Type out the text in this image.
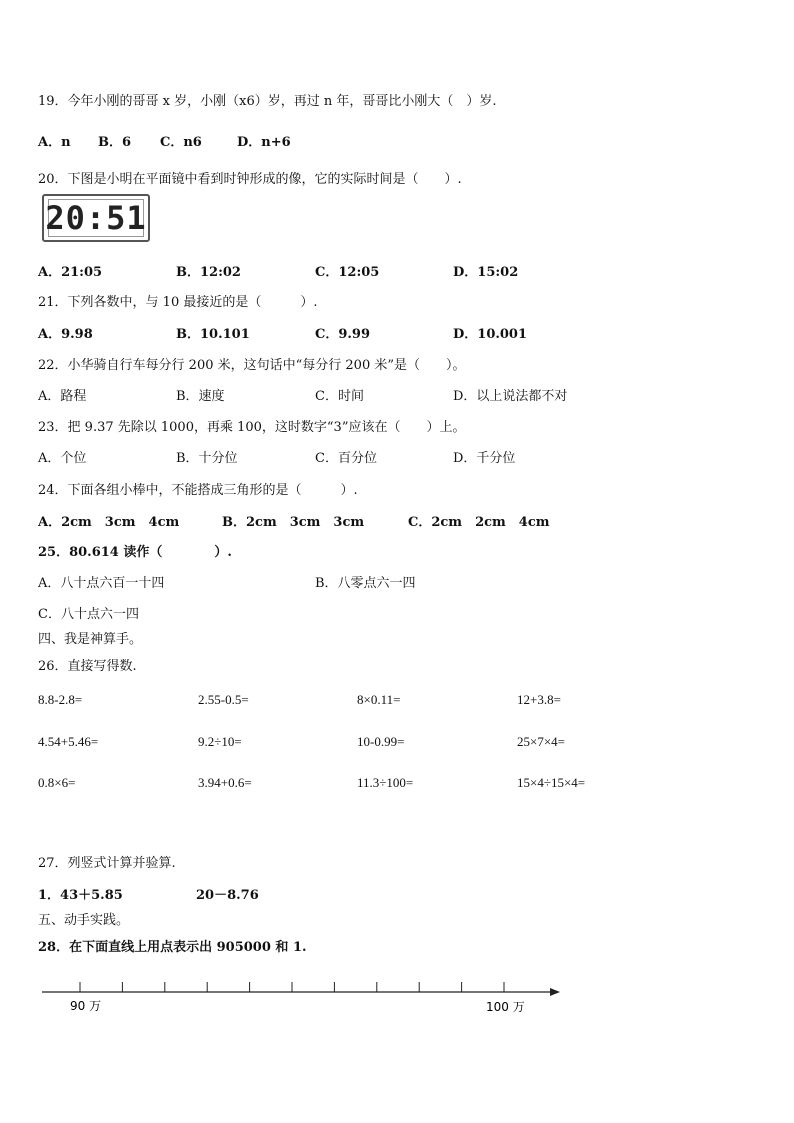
19．今年小刚的哥哥 x 岁，小刚（x6）岁，再过 n 年，哥哥比小刚大（　）岁.
A．n B．6 C．n6	D．n+6
20．下图是小明在平面镜中看到时钟形成的像，它的实际时间是（　　）.
20:51
A．21:05	B．12:02	C．12:05	D．15:02
21．下列各数中，与 10 最接近的是（　　　）.
A．9.98	B．10.101	C．9.99	D．10.001
22．小华骑自行车每分行 200 米，这句话中“每分行 200 米”是（　　）。
A．路程	B．速度	C．时间	D．以上说法都不对
23．把 9.37 先除以 1000，再乘 100，这时数字“3”应该在（　　）上。
A．个位	B．十分位	C．百分位	D．千分位
24．下面各组小棒中，不能搭成三角形的是（　　　）.
A．2cm　3cm　4cm	B．2cm　3cm　3cm	C．2cm　2cm　4cm
25．80.614 读作（　　　　）.
A．八十点六百一十四	B．八零点六一四
C．八十点六一四
四、我是神算手。
26．直接写得数.
8.8-2.8=	2.55-0.5=	8×0.11=	12+3.8=
4.54+5.46=	9.2÷10=	10-0.99=	25×7×4=
0.8×6=	3.94+0.6=	11.3÷100=	15×4÷15×4=
27．列竖式计算并验算.
1．43＋5.85	20－8.76
五、动手实践。
28．在下面直线上用点表示出 905000 和 1.
90 万	100 万
